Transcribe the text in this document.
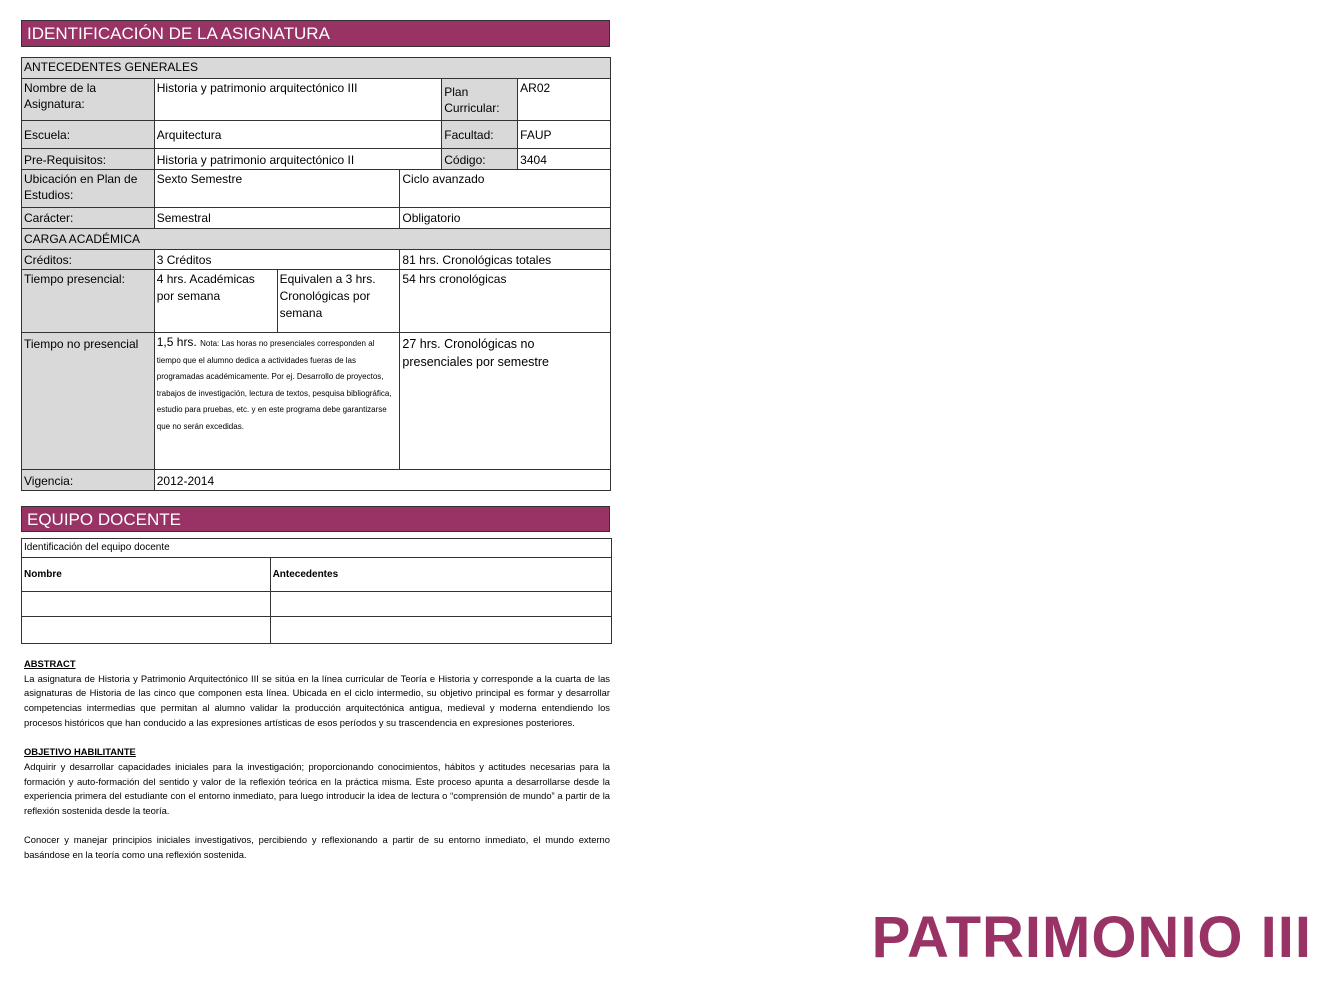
IDENTIFICACIÓN DE LA ASIGNATURA
ANTECEDENTES GENERALES					
Nombre de la Asignatura:	Historia y patrimonio arquitectónico III			Plan Curricular:	AR02
Escuela:	Arquitectura			Facultad:	FAUP
Pre-Requisitos:	Historia y patrimonio arquitectónico II			Código:	3404
Ubicación en Plan de Estudios:	Sexto Semestre		Ciclo avanzado		
Carácter:	Semestral		Obligatorio		
CARGA ACADÉMICA					
Créditos:	3 Créditos		81 hrs. Cronológicas totales		
Tiempo presencial:	4 hrs. Académicas por semana	Equivalen a 3 hrs. Cronológicas por semana	54 hrs cronológicas		
Tiempo no presencial	1,5 hrs. Nota: Las horas no presenciales corresponden al tiempo que el alumno dedica a actividades fueras de las programadas académicamente. Por ej. Desarrollo de proyectos, trabajos de investigación, lectura de textos, pesquisa bibliográfica, estudio para pruebas, etc. y en este programa debe garantizarse que no serán excedidas.		27 hrs. Cronológicas no presenciales por semestre		
Vigencia:	2012-2014				
EQUIPO DOCENTE
Identificación del equipo docente	
Nombre	Antecedentes

ABSTRACT

La asignatura de Historia y Patrimonio Arquitectónico III se sitúa en la línea curricular de Teoría e Historia y corresponde a la cuarta de las asignaturas de Historia de las cinco que componen esta línea. Ubicada en el ciclo intermedio, su objetivo principal es formar y desarrollar competencias intermedias que permitan al alumno validar la producción arquitectónica antigua, medieval y moderna entendiendo los procesos históricos que han conducido a las expresiones artísticas de esos períodos y su trascendencia en expresiones posteriores.

OBJETIVO HABILITANTE

Adquirir y desarrollar capacidades iniciales para la investigación; proporcionando conocimientos, hábitos y actitudes necesarias para la formación y auto-formación del sentido y valor de la reflexión teórica en la práctica misma. Este proceso apunta a desarrollarse desde la experiencia primera del estudiante con el entorno inmediato, para luego introducir la idea de lectura o “comprensión de mundo” a partir de la reflexión sostenida desde la teoría.

Conocer y manejar principios iniciales investigativos, percibiendo y reflexionando a partir de su entorno inmediato, el mundo externo basándose en la teoría como una reflexión sostenida.

PATRIMONIO III
